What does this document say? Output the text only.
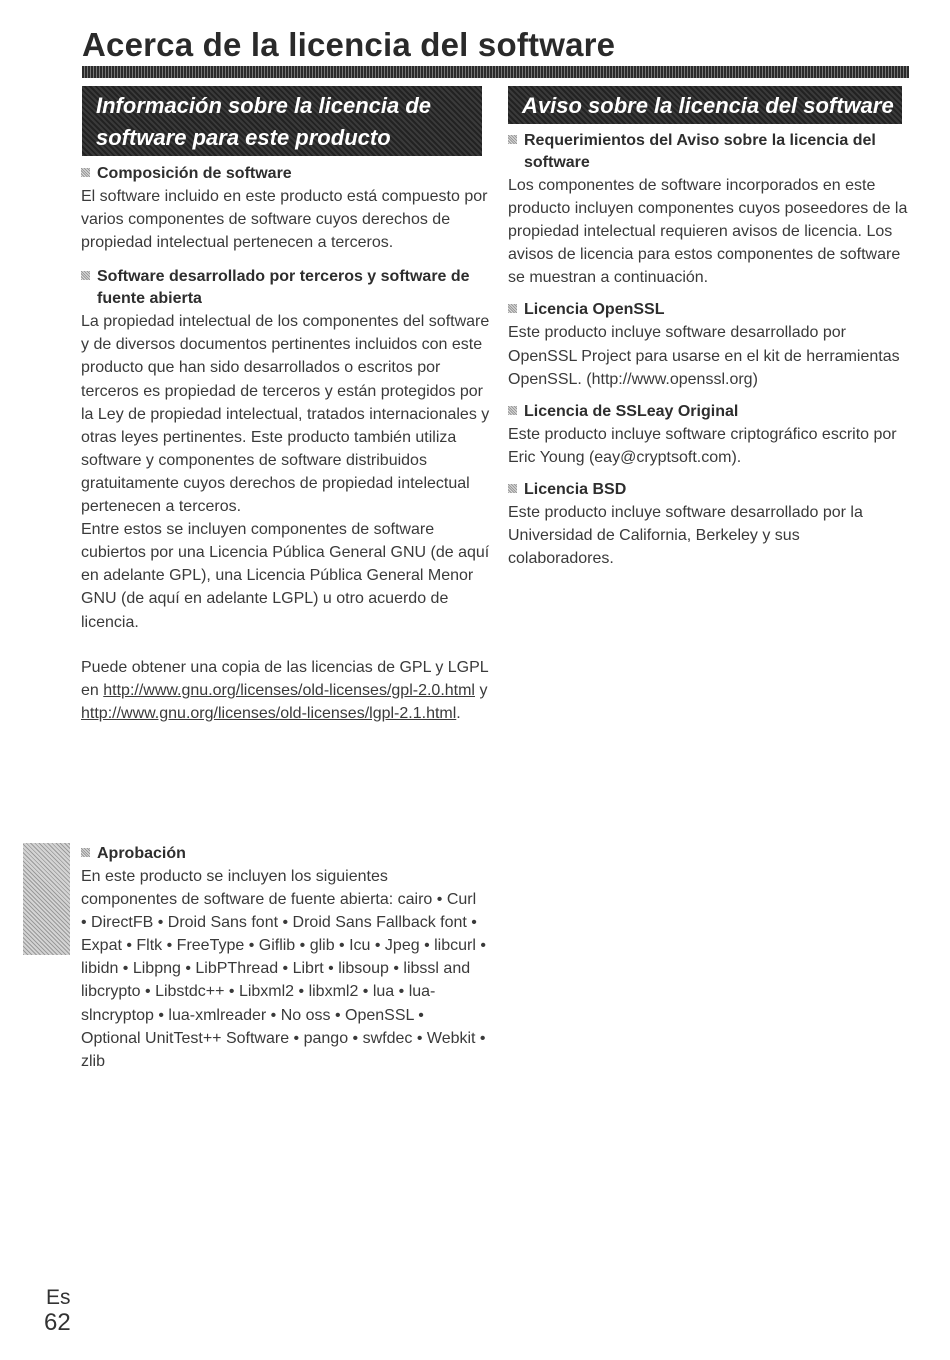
Acerca de la licencia del software
Información sobre la licencia de
software para este producto
Aviso sobre la licencia del software

Composición de software

El software incluido en este producto está compuesto por varios componentes de software cuyos derechos de propiedad intelectual pertenecen a terceros.

Software desarrollado por terceros y software de fuente abierta

La propiedad intelectual de los componentes del software y de diversos documentos pertinentes incluidos con este producto que han sido desarrollados o escritos por terceros es propiedad de terceros y están protegidos por la Ley de propiedad intelectual, tratados internacionales y otras leyes pertinentes. Este producto también utiliza software y componentes de software distribuidos gratuitamente cuyos derechos de propiedad intelectual pertenecen a terceros.

Entre estos se incluyen componentes de software cubiertos por una Licencia Pública General GNU (de aquí en adelante GPL), una Licencia Pública General Menor GNU (de aquí en adelante LGPL) u otro acuerdo de licencia.

Puede obtener una copia de las licencias de GPL y LGPL en http://www.gnu.org/licenses/old-licenses/gpl-2.0.html y http://www.gnu.org/licenses/old-licenses/lgpl-2.1.html.

Aprobación

En este producto se incluyen los siguientes componentes de software de fuente abierta: cairo • Curl • DirectFB • Droid Sans font • Droid Sans Fallback font • Expat • Fltk • FreeType • Giflib • glib • Icu • Jpeg • libcurl • libidn • Libpng • LibPThread • Librt • libsoup • libssl and libcrypto • Libstdc++ • Libxml2 • libxml2 • lua • lua-slncryptop • lua-xmlreader • No oss • OpenSSL • Optional UnitTest++ Software • pango • swfdec • Webkit • zlib

Requerimientos del Aviso sobre la licencia del software

Los componentes de software incorporados en este producto incluyen componentes cuyos poseedores de la propiedad intelectual requieren avisos de licencia. Los avisos de licencia para estos componentes de software se muestran a continuación.

Licencia OpenSSL

Este producto incluye software desarrollado por OpenSSL Project para usarse en el kit de herramientas OpenSSL. (http://www.openssl.org)

Licencia de SSLeay Original

Este producto incluye software criptográfico escrito por Eric Young (eay@cryptsoft.com).

Licencia BSD

Este producto incluye software desarrollado por la Universidad de California, Berkeley y sus colaboradores.

Es
62
